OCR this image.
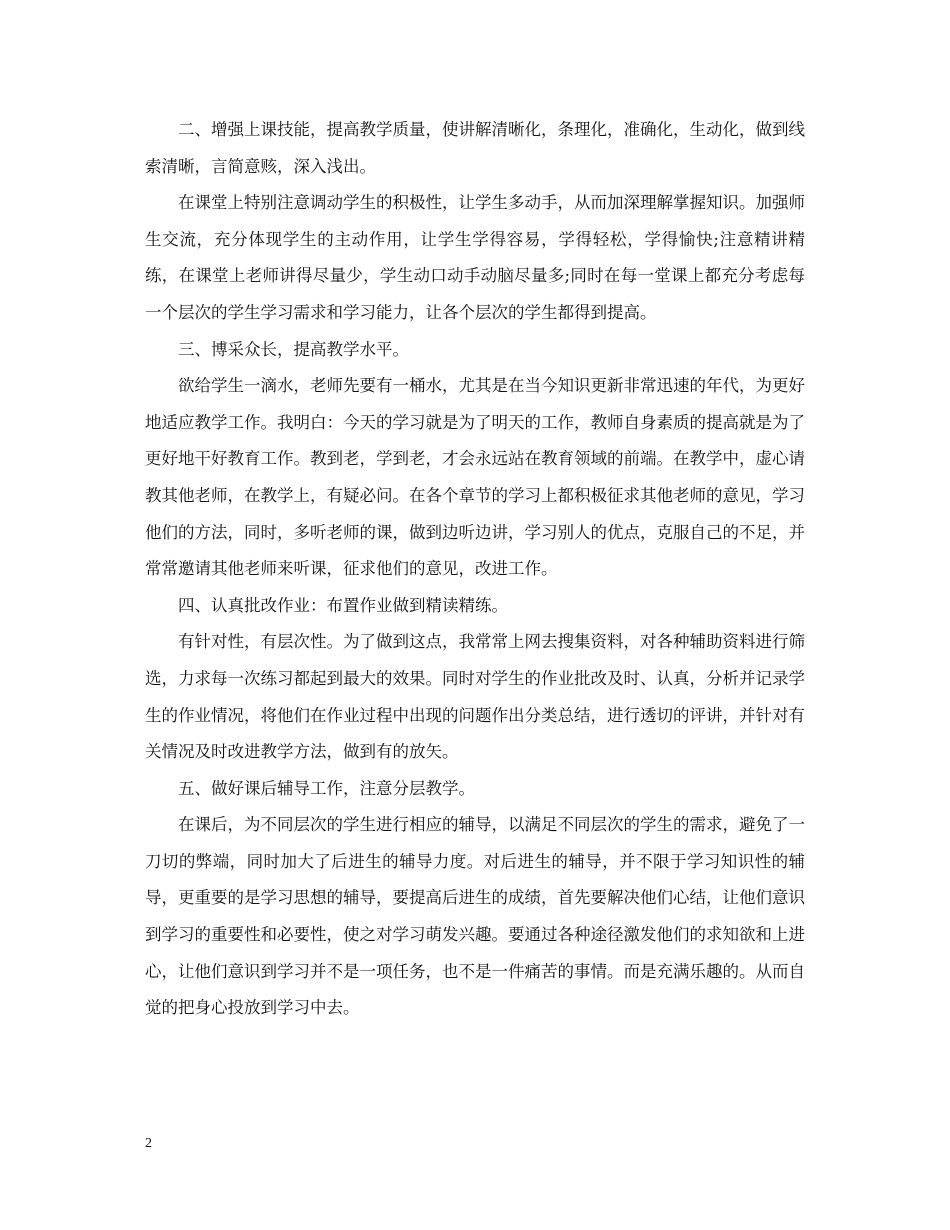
二、增强上课技能，提高教学质量，使讲解清晰化，条理化，准确化，生动化，做到线索清晰，言简意赅，深入浅出。

在课堂上特别注意调动学生的积极性，让学生多动手，从而加深理解掌握知识。加强师生交流，充分体现学生的主动作用，让学生学得容易，学得轻松，学得愉快;注意精讲精练，在课堂上老师讲得尽量少，学生动口动手动脑尽量多;同时在每一堂课上都充分考虑每一个层次的学生学习需求和学习能力，让各个层次的学生都得到提高。

三、博采众长，提高教学水平。

欲给学生一滴水，老师先要有一桶水，尤其是在当今知识更新非常迅速的年代，为更好地适应教学工作。我明白：今天的学习就是为了明天的工作，教师自身素质的提高就是为了更好地干好教育工作。教到老，学到老，才会永远站在教育领域的前端。在教学中，虚心请教其他老师，在教学上，有疑必问。在各个章节的学习上都积极征求其他老师的意见，学习他们的方法，同时，多听老师的课，做到边听边讲，学习别人的优点，克服自己的不足，并常常邀请其他老师来听课，征求他们的意见，改进工作。

四、认真批改作业：布置作业做到精读精练。

有针对性，有层次性。为了做到这点，我常常上网去搜集资料，对各种辅助资料进行筛选，力求每一次练习都起到最大的效果。同时对学生的作业批改及时、认真，分析并记录学生的作业情况，将他们在作业过程中出现的问题作出分类总结，进行透切的评讲，并针对有关情况及时改进教学方法，做到有的放矢。

五、做好课后辅导工作，注意分层教学。

在课后，为不同层次的学生进行相应的辅导，以满足不同层次的学生的需求，避免了一刀切的弊端，同时加大了后进生的辅导力度。对后进生的辅导，并不限于学习知识性的辅导，更重要的是学习思想的辅导，要提高后进生的成绩，首先要解决他们心结，让他们意识到学习的重要性和必要性，使之对学习萌发兴趣。要通过各种途径激发他们的求知欲和上进心，让他们意识到学习并不是一项任务，也不是一件痛苦的事情。而是充满乐趣的。从而自觉的把身心投放到学习中去。

2
